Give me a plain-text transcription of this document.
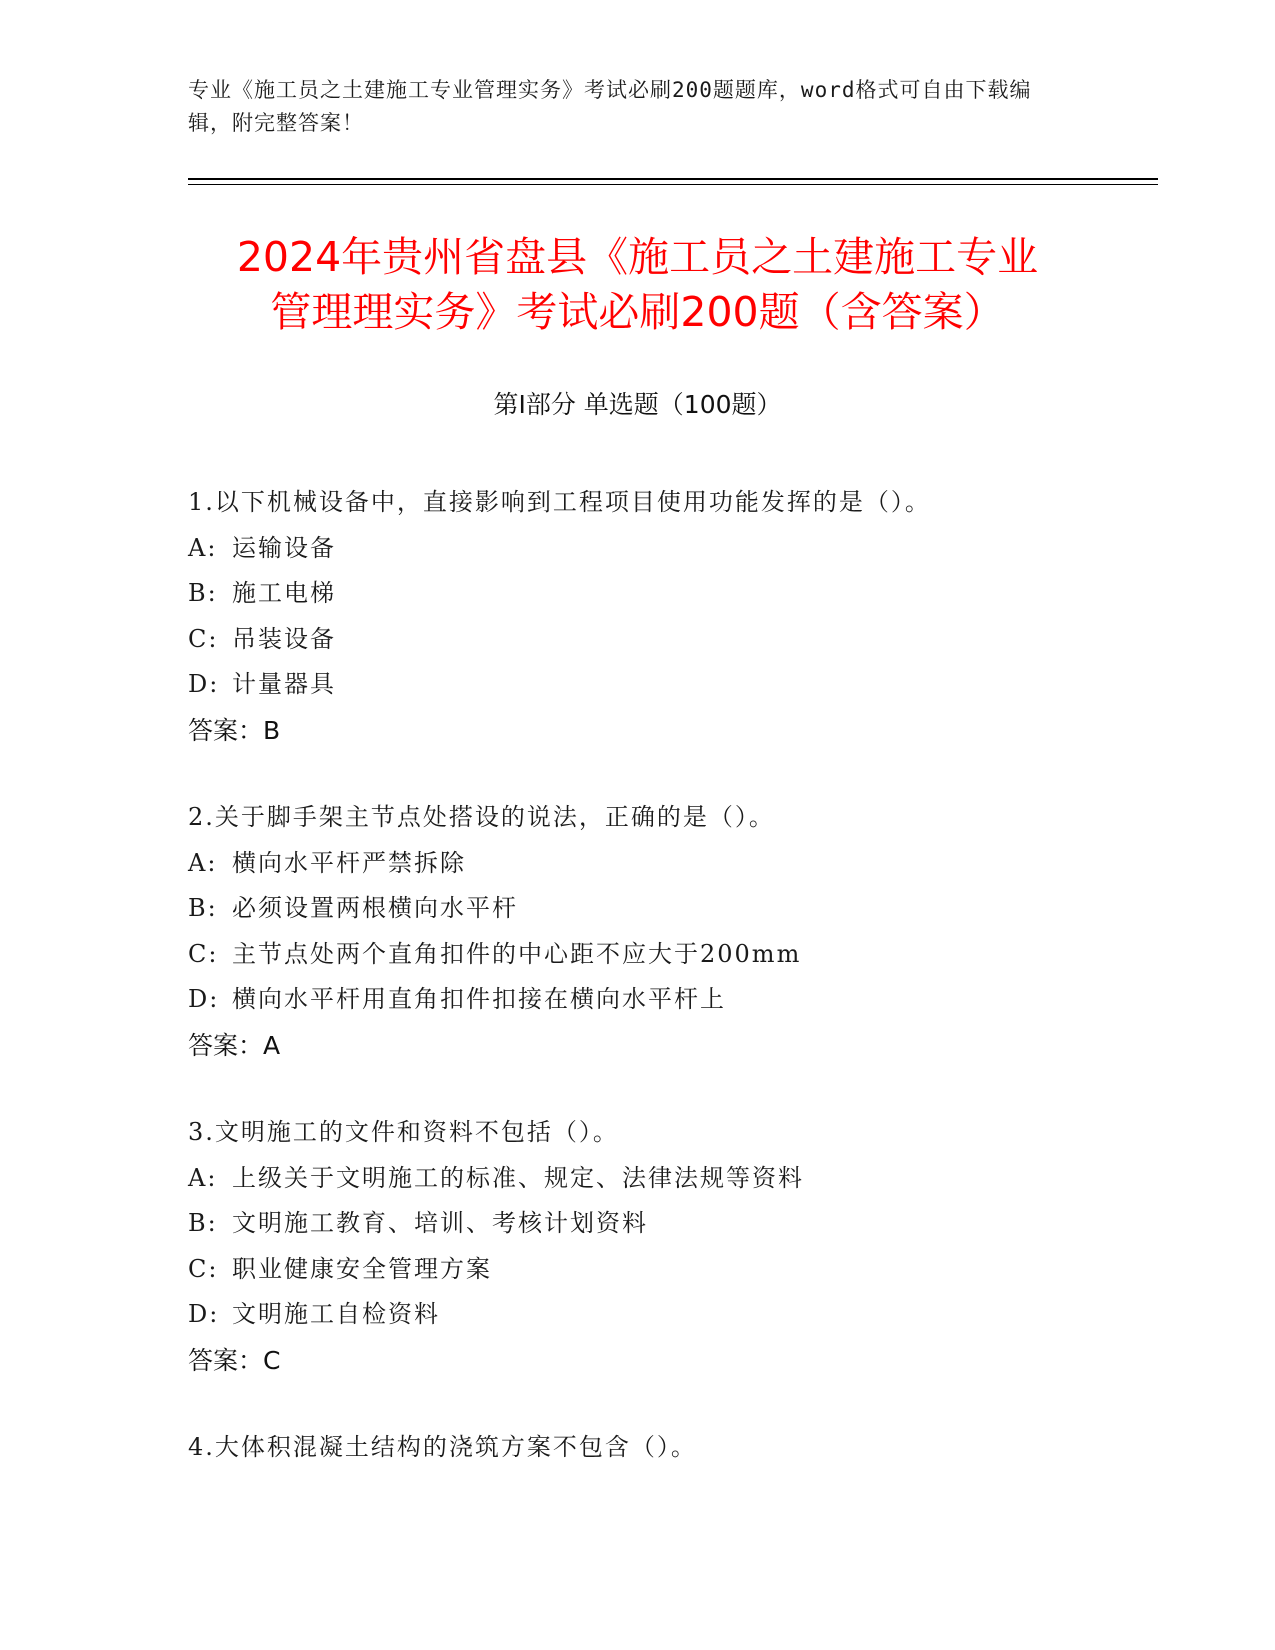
专业《施工员之土建施工专业管理实务》考试必刷200题题库，word格式可自由下载编辑，附完整答案！
2024年贵州省盘县《施工员之土建施工专业
管理理实务》考试必刷200题（含答案）
第Ⅰ部分 单选题（100题）
1.以下机械设备中，直接影响到工程项目使用功能发挥的是（）。
A: 运输设备
B: 施工电梯
C: 吊装设备
D: 计量器具
答案：B
2.关于脚手架主节点处搭设的说法，正确的是（）。
A: 横向水平杆严禁拆除
B: 必须设置两根横向水平杆
C: 主节点处两个直角扣件的中心距不应大于200mm
D: 横向水平杆用直角扣件扣接在横向水平杆上
答案：A
3.文明施工的文件和资料不包括（）。
A: 上级关于文明施工的标准、规定、法律法规等资料
B: 文明施工教育、培训、考核计划资料
C: 职业健康安全管理方案
D: 文明施工自检资料
答案：C
4.大体积混凝土结构的浇筑方案不包含（）。
